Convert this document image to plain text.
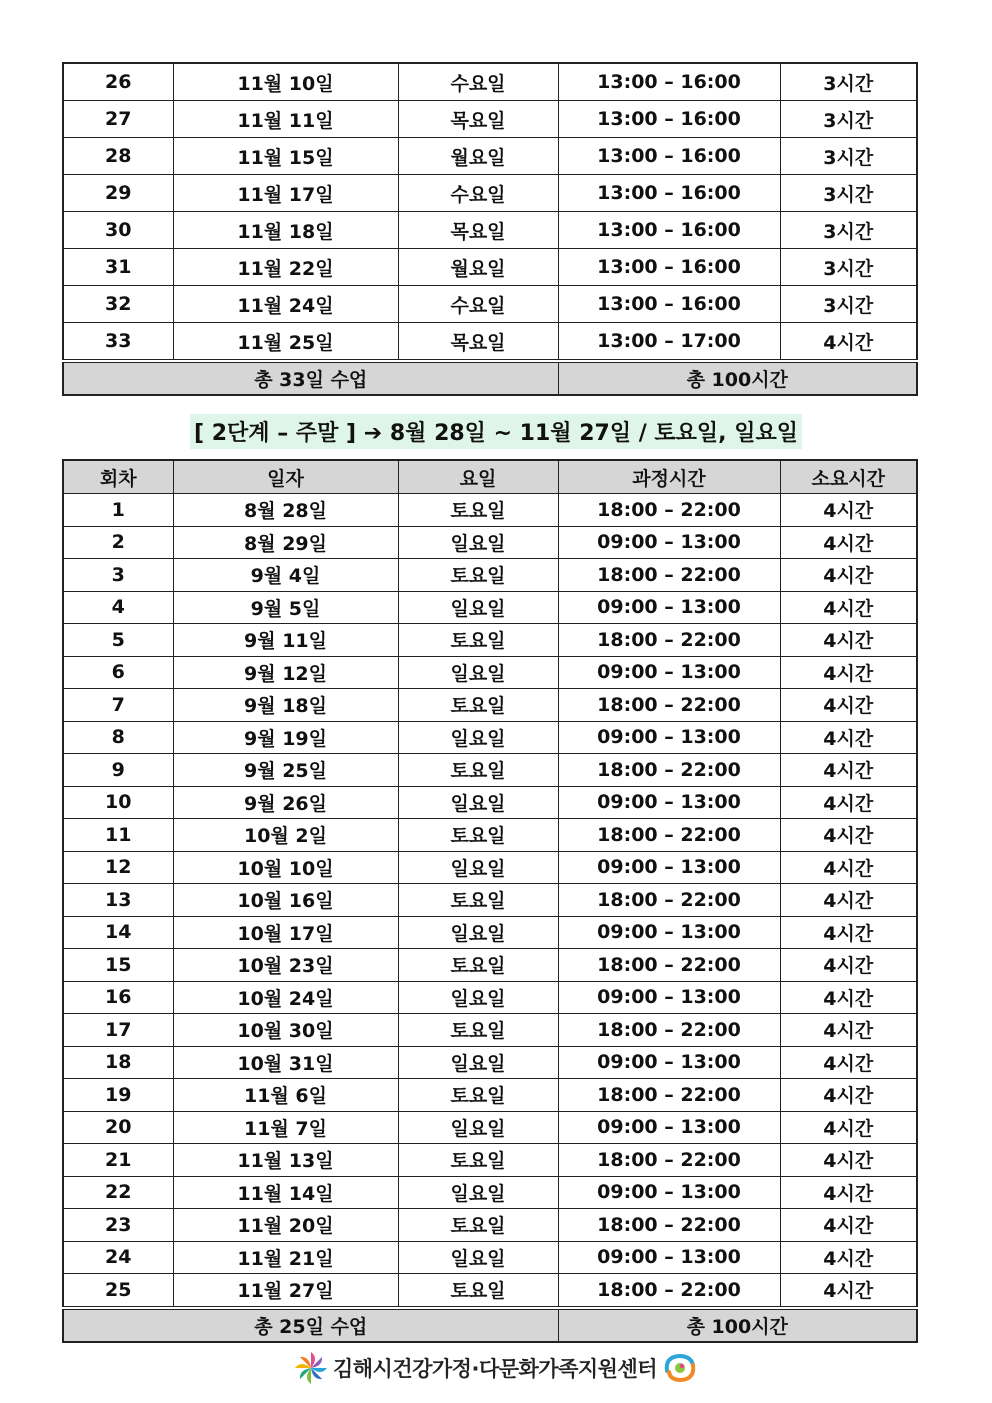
26	11월 10일	수요일	13:00 – 16:00	3시간
27	11월 11일	목요일	13:00 – 16:00	3시간
28	11월 15일	월요일	13:00 – 16:00	3시간
29	11월 17일	수요일	13:00 – 16:00	3시간
30	11월 18일	목요일	13:00 – 16:00	3시간
31	11월 22일	월요일	13:00 – 16:00	3시간
32	11월 24일	수요일	13:00 – 16:00	3시간
33	11월 25일	목요일	13:00 – 17:00	4시간
총 33일 수업			총 100시간	
[ 2단계 – 주말 ] ➔ 8월 28일 ~ 11월 27일 / 토요일, 일요일
회차	일자	요일	과정시간	소요시간
1	8월 28일	토요일	18:00 – 22:00	4시간
2	8월 29일	일요일	09:00 – 13:00	4시간
3	9월 4일	토요일	18:00 – 22:00	4시간
4	9월 5일	일요일	09:00 – 13:00	4시간
5	9월 11일	토요일	18:00 – 22:00	4시간
6	9월 12일	일요일	09:00 – 13:00	4시간
7	9월 18일	토요일	18:00 – 22:00	4시간
8	9월 19일	일요일	09:00 – 13:00	4시간
9	9월 25일	토요일	18:00 – 22:00	4시간
10	9월 26일	일요일	09:00 – 13:00	4시간
11	10월 2일	토요일	18:00 – 22:00	4시간
12	10월 10일	일요일	09:00 – 13:00	4시간
13	10월 16일	토요일	18:00 – 22:00	4시간
14	10월 17일	일요일	09:00 – 13:00	4시간
15	10월 23일	토요일	18:00 – 22:00	4시간
16	10월 24일	일요일	09:00 – 13:00	4시간
17	10월 30일	토요일	18:00 – 22:00	4시간
18	10월 31일	일요일	09:00 – 13:00	4시간
19	11월 6일	토요일	18:00 – 22:00	4시간
20	11월 7일	일요일	09:00 – 13:00	4시간
21	11월 13일	토요일	18:00 – 22:00	4시간
22	11월 14일	일요일	09:00 – 13:00	4시간
23	11월 20일	토요일	18:00 – 22:00	4시간
24	11월 21일	일요일	09:00 – 13:00	4시간
25	11월 27일	토요일	18:00 – 22:00	4시간
총 25일 수업			총 100시간	
김해시건강가정·다문화가족지원센터
